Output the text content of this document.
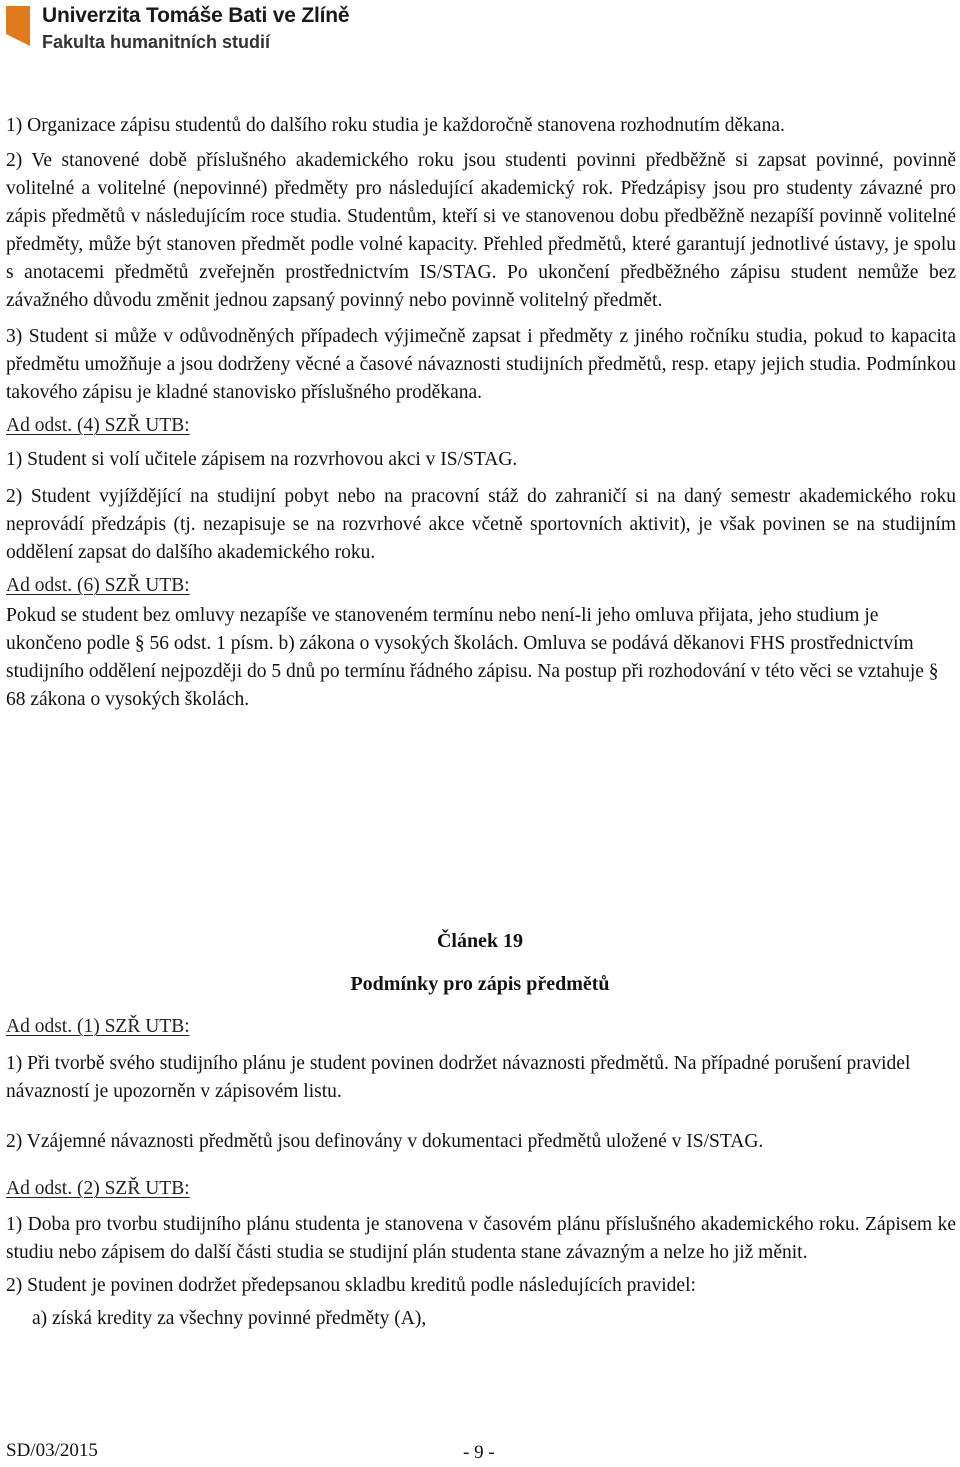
Univerzita Tomáše Bati ve Zlíně
Fakulta humanitních studií

1) Organizace zápisu studentů do dalšího roku studia je každoročně stanovena rozhodnutím děkana.

2) Ve stanovené době příslušného akademického roku jsou studenti povinni předběžně si zapsat povinné, povinně volitelné a volitelné (nepovinné) předměty pro následující akademický rok. Předzápisy jsou pro studenty závazné pro zápis předmětů v následujícím roce studia. Studentům, kteří si ve stanovenou dobu předběžně nezapíší povinně volitelné předměty, může být stanoven předmět podle volné kapacity. Přehled předmětů, které garantují jednotlivé ústavy, je spolu s anotacemi předmětů zveřejněn prostřednictvím IS/STAG. Po ukončení předběžného zápisu student nemůže bez závažného důvodu změnit jednou zapsaný povinný nebo povinně volitelný předmět.

3) Student si může v odůvodněných případech výjimečně zapsat i předměty z jiného ročníku studia, pokud to kapacita předmětu umožňuje a jsou dodrženy věcné a časové návaznosti studijních předmětů, resp. etapy jejich studia. Podmínkou takového zápisu je kladné stanovisko příslušného proděkana.

Ad odst. (4) SZŘ UTB:

1) Student si volí učitele zápisem na rozvrhovou akci v IS/STAG.

2) Student vyjíždějící na studijní pobyt nebo na pracovní stáž do zahraničí si na daný semestr akademického roku neprovádí předzápis (tj. nezapisuje se na rozvrhové akce včetně sportovních aktivit), je však povinen se na studijním oddělení zapsat do dalšího akademického roku.

Ad odst. (6) SZŘ UTB:

Pokud se student bez omluvy nezapíše ve stanoveném termínu nebo není-li jeho omluva přijata, jeho studium je ukončeno podle § 56 odst. 1 písm. b) zákona o vysokých školách. Omluva se podává děkanovi FHS prostřednictvím studijního oddělení nejpozději do 5 dnů po termínu řádného zápisu. Na postup při rozhodování v této věci se vztahuje § 68 zákona o vysokých školách.

Článek 19
Podmínky pro zápis předmětů
Ad odst. (1) SZŘ UTB:

1) Při tvorbě svého studijního plánu je student povinen dodržet návaznosti předmětů. Na případné porušení pravidel návazností je upozorněn v zápisovém listu.

2) Vzájemné návaznosti předmětů jsou definovány v dokumentaci předmětů uložené v IS/STAG.

Ad odst. (2) SZŘ UTB:

1) Doba pro tvorbu studijního plánu studenta je stanovena v časovém plánu příslušného akademického roku. Zápisem ke studiu nebo zápisem do další části studia se studijní plán studenta stane závazným a nelze ho již měnit.

2) Student je povinen dodržet předepsanou skladbu kreditů podle následujících pravidel:

a) získá kredity za všechny povinné předměty (A),

SD/03/2015	- 9 -
